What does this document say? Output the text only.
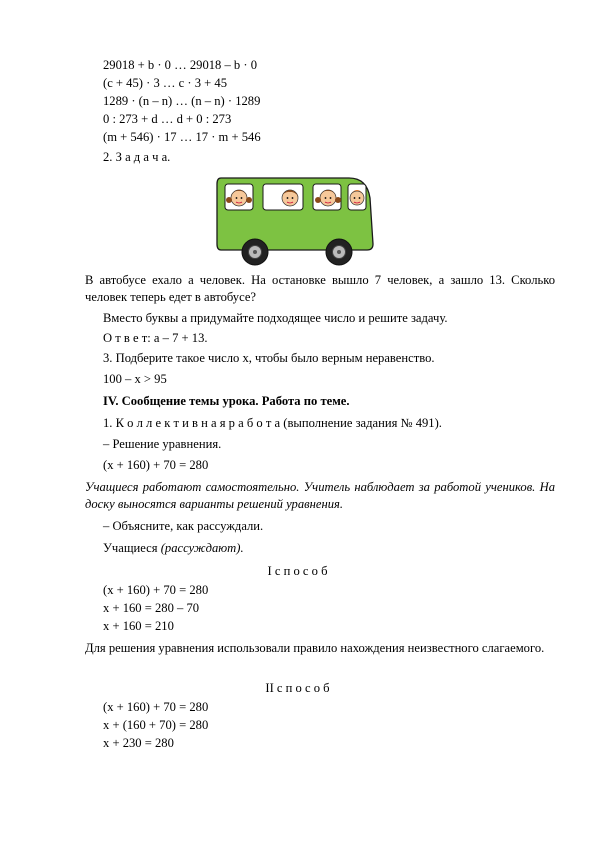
29018 + b · 0 … 29018 – b · 0
(c + 45) · 3 … c · 3 + 45
1289 · (n – n) … (n – n) · 1289
0 : 273 + d … d + 0 : 273
(m + 546) · 17 … 17 · m + 546
2. З а д а ч а.
В автобусе ехало a человек. На остановке вышло 7 человек, а зашло 13. Сколько человек теперь едет в автобусе?
Вместо буквы a придумайте подходящее число и решите задачу.
О т в е т: a – 7 + 13.
3. Подберите такое число x, чтобы было верным неравенство.
100 – x > 95
IV. Сообщение темы урока. Работа по теме.
1. К о л л е к т и в н а я р а б о т а (выполнение задания № 491).
– Решение уравнения.
(x + 160) + 70 = 280
Учащиеся работают самостоятельно. Учитель наблюдает за работой учеников. На доску выносятся варианты решений уравнения.
– Объясните, как рассуждали.
Учащиеся (рассуждают).
I с п о с о б
(x + 160) + 70 = 280
x + 160 = 280 – 70
x + 160 = 210
Для решения уравнения использовали правило нахождения неизвестного слагаемого.
II с п о с о б
(x + 160) + 70 = 280
x + (160 + 70) = 280
x + 230 = 280
